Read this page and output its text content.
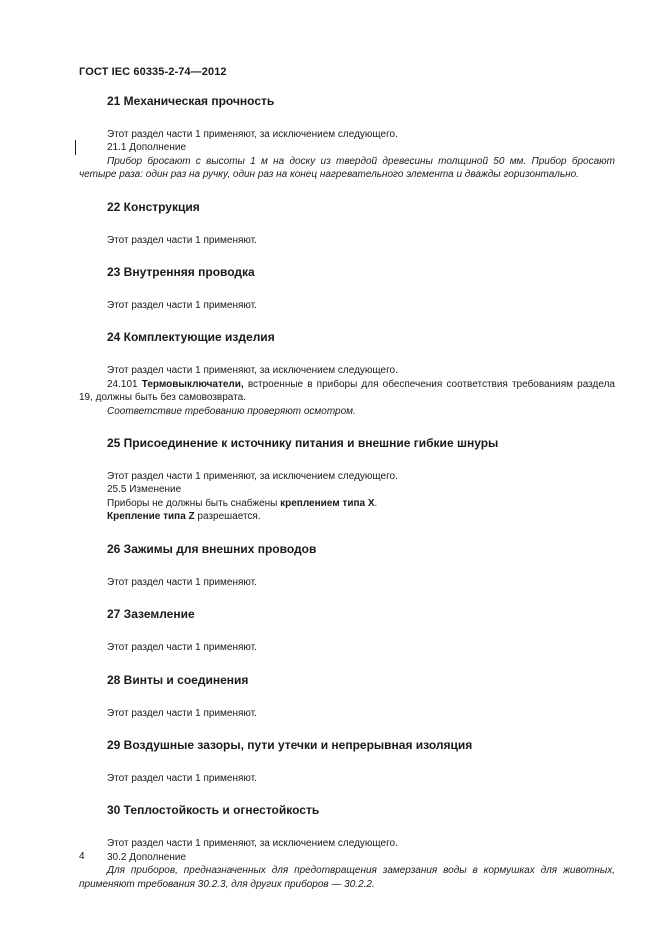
ГОСТ IEC 60335-2-74—2012
21 Механическая прочность

Этот раздел части 1 применяют, за исключением следующего.

21.1 Дополнение

Прибор бросают с высоты 1 м на доску из твердой древесины толщиной 50 мм. Прибор бросают четыре раза: один раз на ручку, один раз на конец нагревательного элемента и дважды горизонтально.

22 Конструкция

Этот раздел части 1 применяют.

23 Внутренняя проводка

Этот раздел части 1 применяют.

24 Комплектующие изделия

Этот раздел части 1 применяют, за исключением следующего.

24.101 Термовыключатели, встроенные в приборы для обеспечения соответствия требованиям раздела 19, должны быть без самовозврата.

Соответствие требованию проверяют осмотром.

25 Присоединение к источнику питания и внешние гибкие шнуры

Этот раздел части 1 применяют, за исключением следующего.

25.5 Изменение

Приборы не должны быть снабжены креплением типа X.

Крепление типа Z разрешается.

26 Зажимы для внешних проводов

Этот раздел части 1 применяют.

27 Заземление

Этот раздел части 1 применяют.

28 Винты и соединения

Этот раздел части 1 применяют.

29 Воздушные зазоры, пути утечки и непрерывная изоляция

Этот раздел части 1 применяют.

30 Теплостойкость и огнестойкость

Этот раздел части 1 применяют, за исключением следующего.

30.2 Дополнение

Для приборов, предназначенных для предотвращения замерзания воды в кормушках для животных, применяют требования 30.2.3, для других приборов — 30.2.2.

4
